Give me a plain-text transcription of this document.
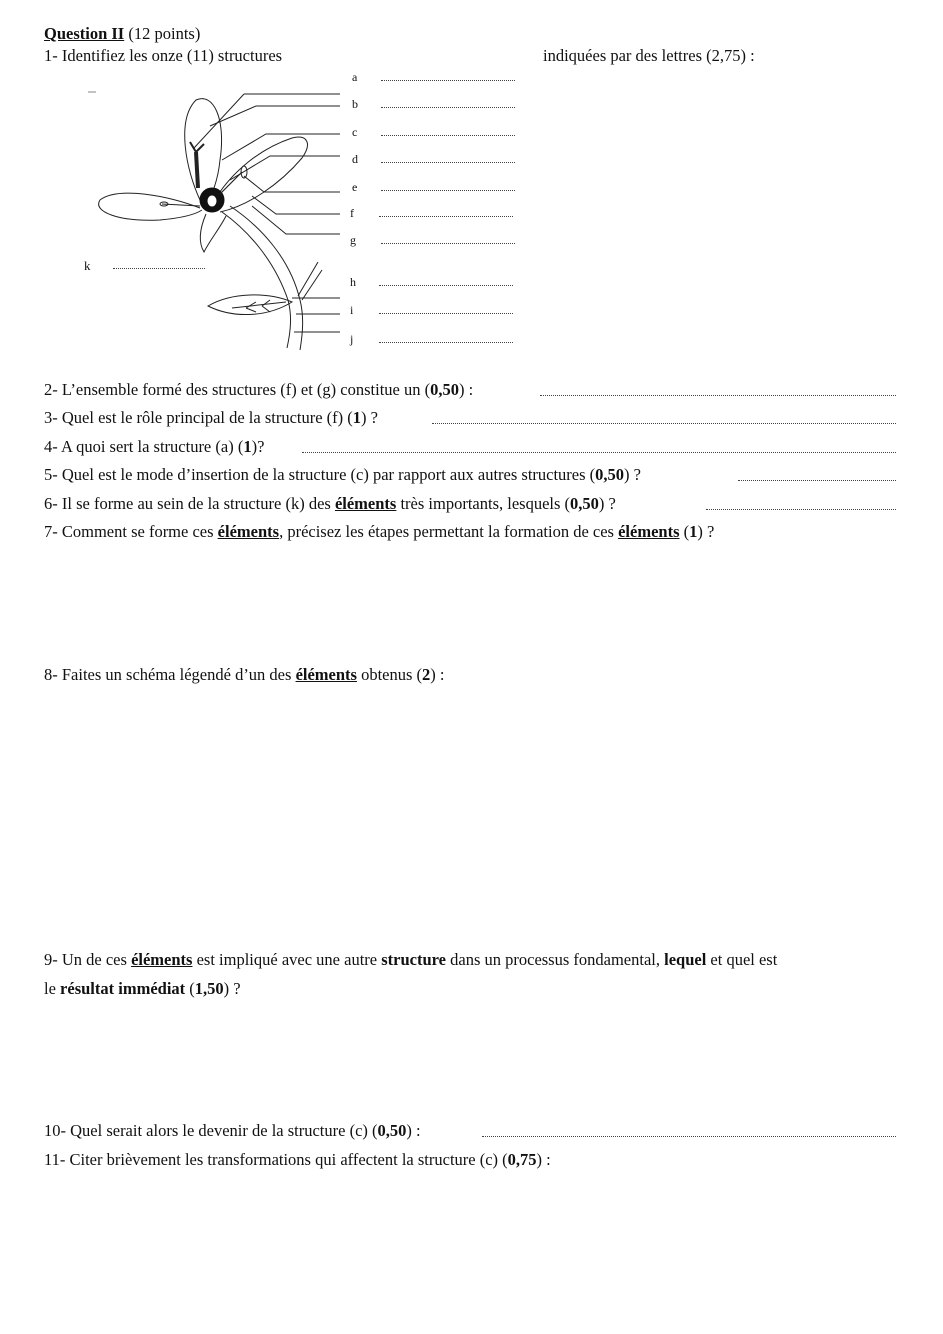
Question II (12 points)
1- Identifiez les onze (11) structures	indiquées par des lettres (2,75) :
a
b
c
d
e
f
g
h
i
j
k
2- L’ensemble formé des structures (f) et (g) constitue un (0,50) :
3- Quel est le rôle principal de la structure (f) (1) ?
4- A quoi sert la structure (a) (1)?
5- Quel est le mode d’insertion de la structure (c) par rapport aux autres structures (0,50) ?
6- Il se forme au sein de la structure (k) des éléments très importants, lesquels (0,50) ?
7- Comment se forme ces éléments, précisez les étapes permettant la formation de ces éléments (1) ?
8- Faites un schéma légendé d’un des éléments obtenus (2) :
9- Un de ces éléments est impliqué avec une autre structure dans un processus fondamental, lequel et quel est
le résultat immédiat (1,50) ?
10- Quel serait alors le devenir de la structure (c) (0,50) :
11- Citer brièvement les transformations qui affectent la structure (c) (0,75) :
